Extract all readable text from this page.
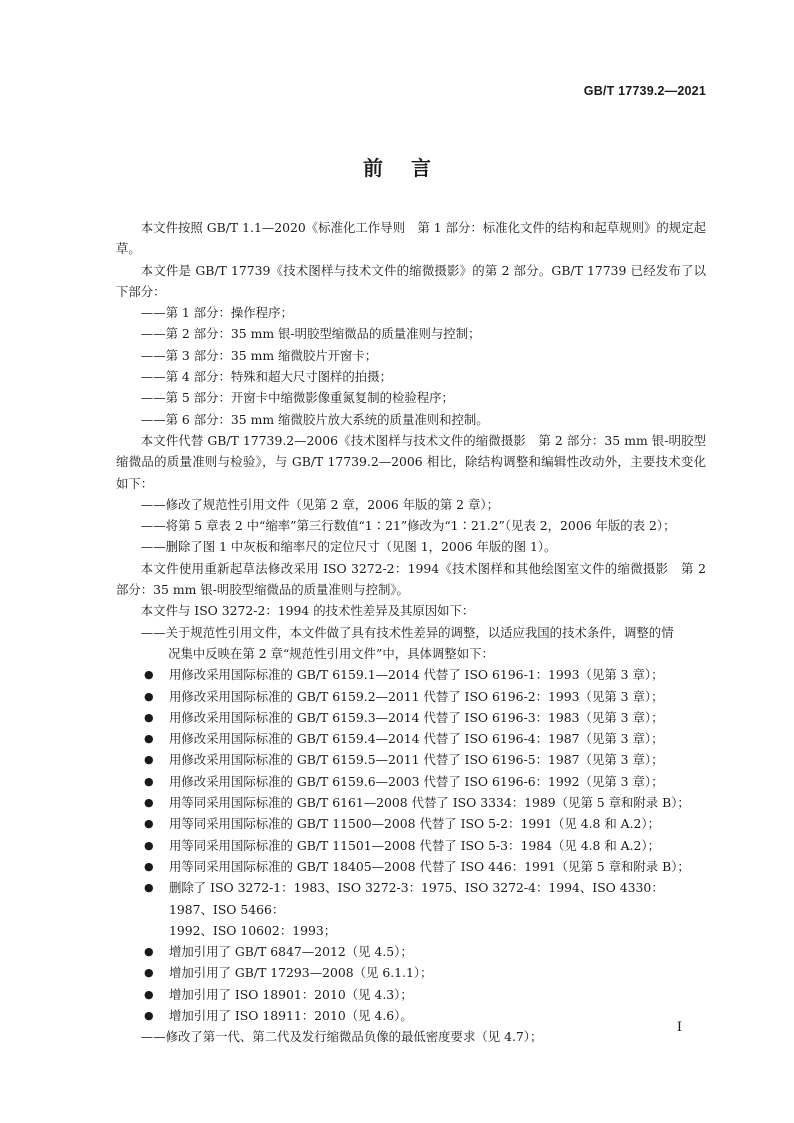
GB/T 17739.2—2021
前言

本文件按照 GB/T 1.1—2020《标准化工作导则　第 1 部分：标准化文件的结构和起草规则》的规定起草。

本文件是 GB/T 17739《技术图样与技术文件的缩微摄影》的第 2 部分。GB/T 17739 已经发布了以下部分：

——第 1 部分：操作程序；

——第 2 部分：35 mm 银-明胶型缩微品的质量准则与控制；

——第 3 部分：35 mm 缩微胶片开窗卡；

——第 4 部分：特殊和超大尺寸图样的拍摄；

——第 5 部分：开窗卡中缩微影像重氮复制的检验程序；

——第 6 部分：35 mm 缩微胶片放大系统的质量准则和控制。

本文件代替 GB/T 17739.2—2006《技术图样与技术文件的缩微摄影　第 2 部分：35 mm 银-明胶型缩微品的质量准则与检验》，与 GB/T 17739.2—2006 相比，除结构调整和编辑性改动外，主要技术变化如下：

——修改了规范性引用文件（见第 2 章，2006 年版的第 2 章）；

——将第 5 章表 2 中“缩率”第三行数值“1∶21”修改为“1∶21.2”（见表 2，2006 年版的表 2）；

——删除了图 1 中灰板和缩率尺的定位尺寸（见图 1，2006 年版的图 1）。

本文件使用重新起草法修改采用 ISO 3272-2：1994《技术图样和其他绘图室文件的缩微摄影　第 2 部分：35 mm 银-明胶型缩微品的质量准则与控制》。

本文件与 ISO 3272-2：1994 的技术性差异及其原因如下：

——关于规范性引用文件，本文件做了具有技术性差异的调整，以适应我国的技术条件，调整的情
况集中反映在第 2 章“规范性引用文件”中，具体调整如下：
● 用修改采用国际标准的 GB/T 6159.1—2014 代替了 ISO 6196-1：1993（见第 3 章）；
● 用修改采用国际标准的 GB/T 6159.2—2011 代替了 ISO 6196-2：1993（见第 3 章）；
● 用修改采用国际标准的 GB/T 6159.3—2014 代替了 ISO 6196-3：1983（见第 3 章）；
● 用修改采用国际标准的 GB/T 6159.4—2014 代替了 ISO 6196-4：1987（见第 3 章）；
● 用修改采用国际标准的 GB/T 6159.5—2011 代替了 ISO 6196-5：1987（见第 3 章）；
● 用修改采用国际标准的 GB/T 6159.6—2003 代替了 ISO 6196-6：1992（见第 3 章）；
● 用等同采用国际标准的 GB/T 6161—2008 代替了 ISO 3334：1989（见第 5 章和附录 B）；
● 用等同采用国际标准的 GB/T 11500—2008 代替了 ISO 5-2：1991（见 4.8 和 A.2）；
● 用等同采用国际标准的 GB/T 11501—2008 代替了 ISO 5-3：1984（见 4.8 和 A.2）；
● 用等同采用国际标准的 GB/T 18405—2008 代替了 ISO 446：1991（见第 5 章和附录 B）；
● 删除了 ISO 3272-1：1983、ISO 3272-3：1975、ISO 3272-4：1994、ISO 4330：1987、ISO 5466：
1992、ISO 10602：1993；
● 增加引用了 GB/T 6847—2012（见 4.5）；
● 增加引用了 GB/T 17293—2008（见 6.1.1）；
● 增加引用了 ISO 18901：2010（见 4.3）；
● 增加引用了 ISO 18911：2010（见 4.6）。

——修改了第一代、第二代及发行缩微品负像的最低密度要求（见 4.7）；

I
